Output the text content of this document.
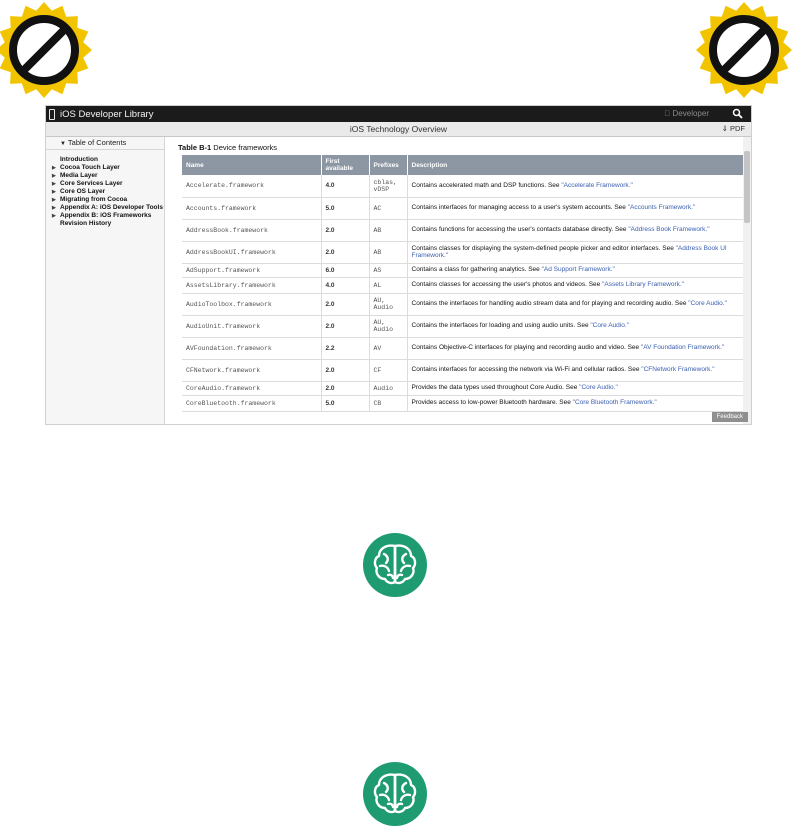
iOS Developer Library	Developer
iOS Technology Overview	⇓ PDF
▼ Table of Contents
Introduction
▶ Cocoa Touch Layer
▶ Media Layer
▶ Core Services Layer
▶ Core OS Layer
▶ Migrating from Cocoa
▶ Appendix A: iOS Developer Tools
▶ Appendix B: iOS Frameworks
Revision History
Table B-1 Device frameworks
Name	First available	Prefixes	Description
Accelerate.framework	4.0	cblas, vDSP	Contains accelerated math and DSP functions. See "Accelerate Framework."
Accounts.framework	5.0	AC	Contains interfaces for managing access to a user's system accounts. See "Accounts Framework."
AddressBook.framework	2.0	AB	Contains functions for accessing the user's contacts database directly. See "Address Book Framework."
AddressBookUI.framework	2.0	AB	Contains classes for displaying the system-defined people picker and editor interfaces. See "Address Book UI Framework."
AdSupport.framework	6.0	AS	Contains a class for gathering analytics. See "Ad Support Framework."
AssetsLibrary.framework	4.0	AL	Contains classes for accessing the user's photos and videos. See "Assets Library Framework."
AudioToolbox.framework	2.0	AU, Audio	Contains the interfaces for handling audio stream data and for playing and recording audio. See "Core Audio."
AudioUnit.framework	2.0	AU, Audio	Contains the interfaces for loading and using audio units. See "Core Audio."
AVFoundation.framework	2.2	AV	Contains Objective-C interfaces for playing and recording audio and video. See "AV Foundation Framework."
CFNetwork.framework	2.0	CF	Contains interfaces for accessing the network via Wi-Fi and cellular radios. See "CFNetwork Framework."
CoreAudio.framework	2.0	Audio	Provides the data types used throughout Core Audio. See "Core Audio."
CoreBluetooth.framework	5.0	CB	Provides access to low-power Bluetooth hardware. See "Core Bluetooth Framework."
Feedback
